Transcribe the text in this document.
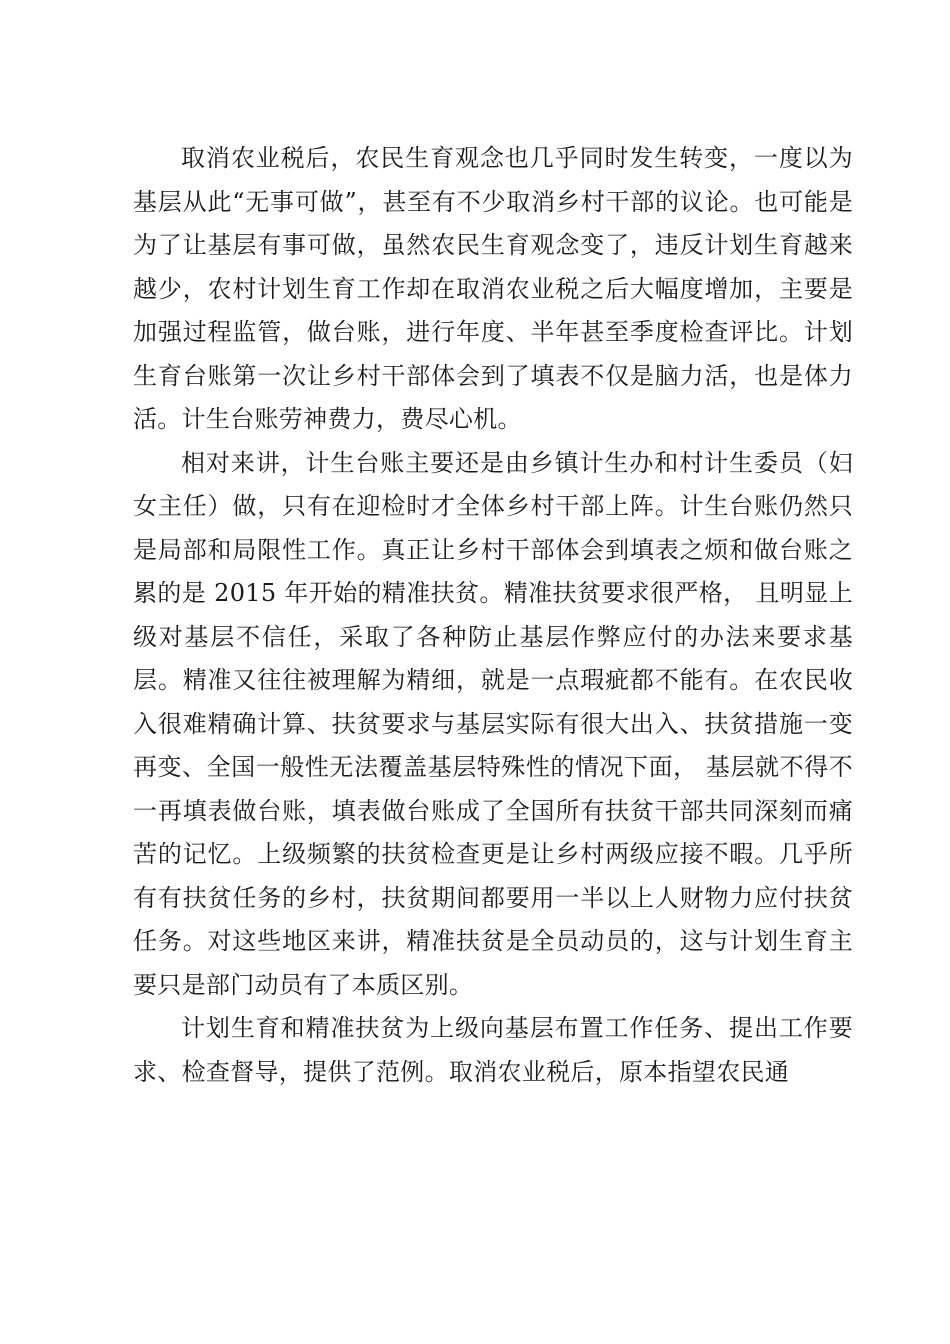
取消农业税后，农民生育观念也几乎同时发生转变，一度以为基层从此“无事可做”，甚至有不少取消乡村干部的议论。也可能是为了让基层有事可做，虽然农民生育观念变了，违反计划生育越来越少，农村计划生育工作却在取消农业税之后大幅度增加，主要是加强过程监管，做台账，进行年度、半年甚至季度检查评比。计划生育台账第一次让乡村干部体会到了填表不仅是脑力活，也是体力活。计生台账劳神费力，费尽心机。

相对来讲，计生台账主要还是由乡镇计生办和村计生委员（妇女主任）做，只有在迎检时才全体乡村干部上阵。计生台账仍然只是局部和局限性工作。真正让乡村干部体会到填表之烦和做台账之累的是 2015 年开始的精准扶贫。精准扶贫要求很严格， 且明显上级对基层不信任，采取了各种防止基层作弊应付的办法来要求基层。精准又往往被理解为精细，就是一点瑕疵都不能有。在农民收入很难精确计算、扶贫要求与基层实际有很大出入、扶贫措施一变再变、全国一般性无法覆盖基层特殊性的情况下面， 基层就不得不一再填表做台账，填表做台账成了全国所有扶贫干部共同深刻而痛苦的记忆。上级频繁的扶贫检查更是让乡村两级应接不暇。几乎所有有扶贫任务的乡村，扶贫期间都要用一半以上人财物力应付扶贫任务。对这些地区来讲，精准扶贫是全员动员的，这与计划生育主要只是部门动员有了本质区别。

计划生育和精准扶贫为上级向基层布置工作任务、提出工作要求、检查督导，提供了范例。取消农业税后，原本指望农民通
